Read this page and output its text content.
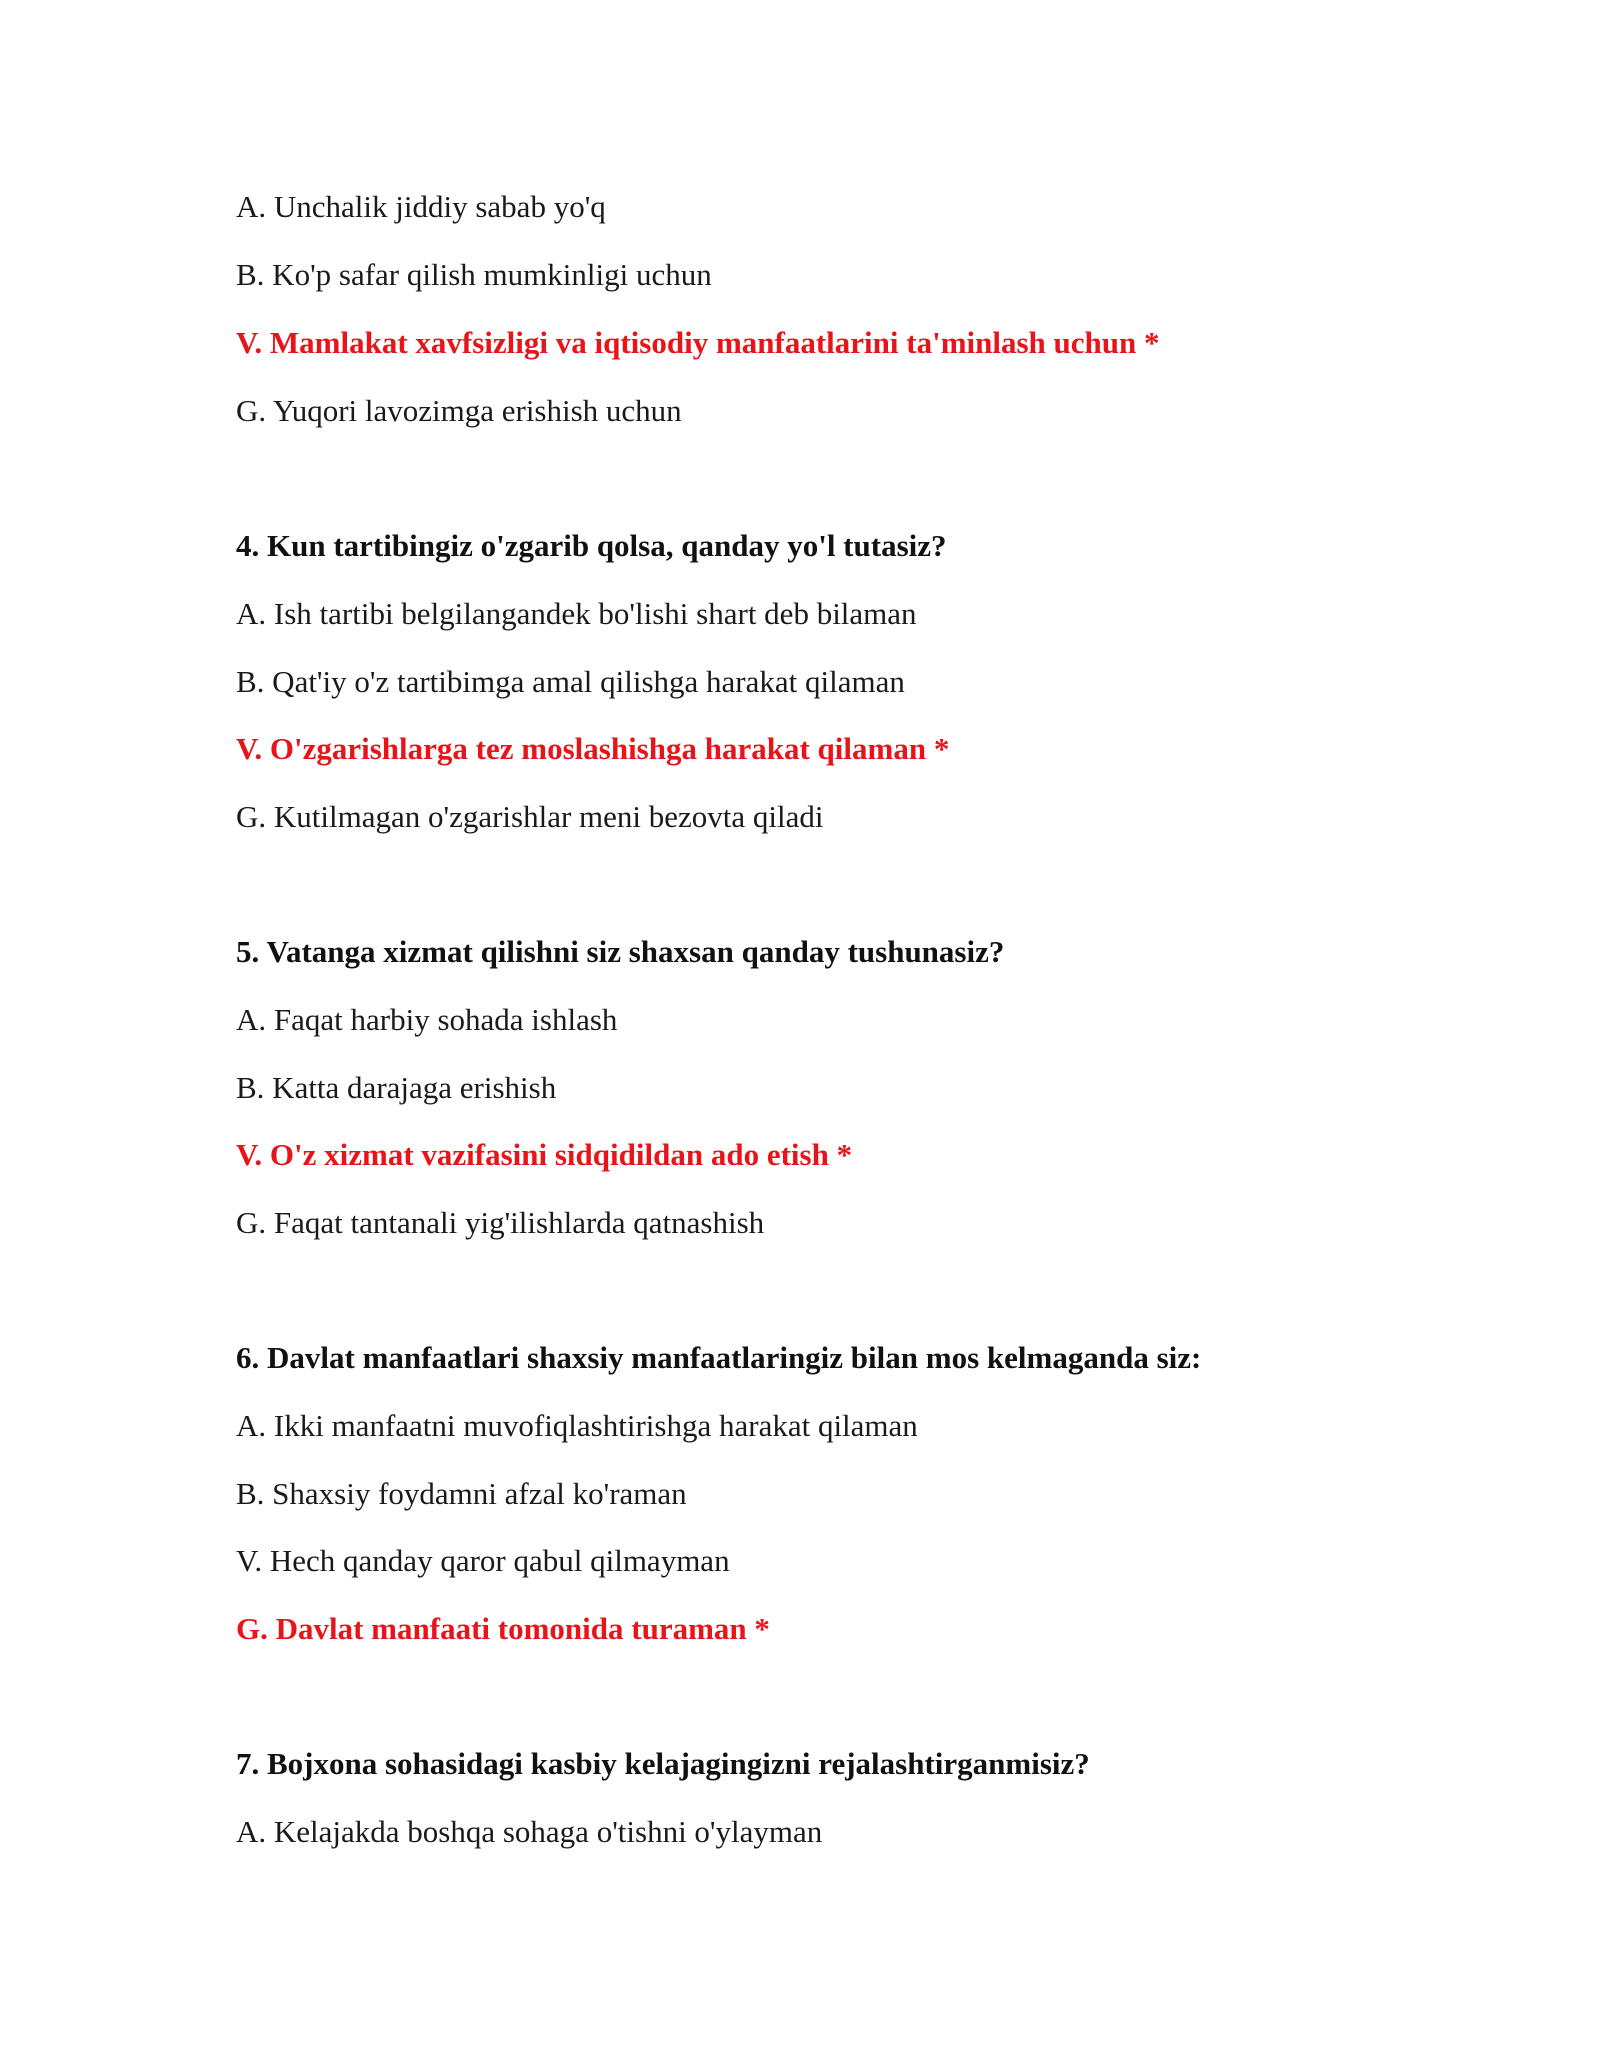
A. Unchalik jiddiy sabab yo'q

B. Ko'p safar qilish mumkinligi uchun

V. Mamlakat xavfsizligi va iqtisodiy manfaatlarini ta'minlash uchun *

G. Yuqori lavozimga erishish uchun

4. Kun tartibingiz o'zgarib qolsa, qanday yo'l tutasiz?

A. Ish tartibi belgilangandek bo'lishi shart deb bilaman

B. Qat'iy o'z tartibimga amal qilishga harakat qilaman

V. O'zgarishlarga tez moslashishga harakat qilaman *

G. Kutilmagan o'zgarishlar meni bezovta qiladi

5. Vatanga xizmat qilishni siz shaxsan qanday tushunasiz?

A. Faqat harbiy sohada ishlash

B. Katta darajaga erishish

V. O'z xizmat vazifasini sidqidildan ado etish *

G. Faqat tantanali yig'ilishlarda qatnashish

6. Davlat manfaatlari shaxsiy manfaatlaringiz bilan mos kelmaganda siz:

A. Ikki manfaatni muvofiqlashtirishga harakat qilaman

B. Shaxsiy foydamni afzal ko'raman

V. Hech qanday qaror qabul qilmayman

G. Davlat manfaati tomonida turaman *

7. Bojxona sohasidagi kasbiy kelajagingizni rejalashtirganmisiz?

A. Kelajakda boshqa sohaga o'tishni o'ylayman
